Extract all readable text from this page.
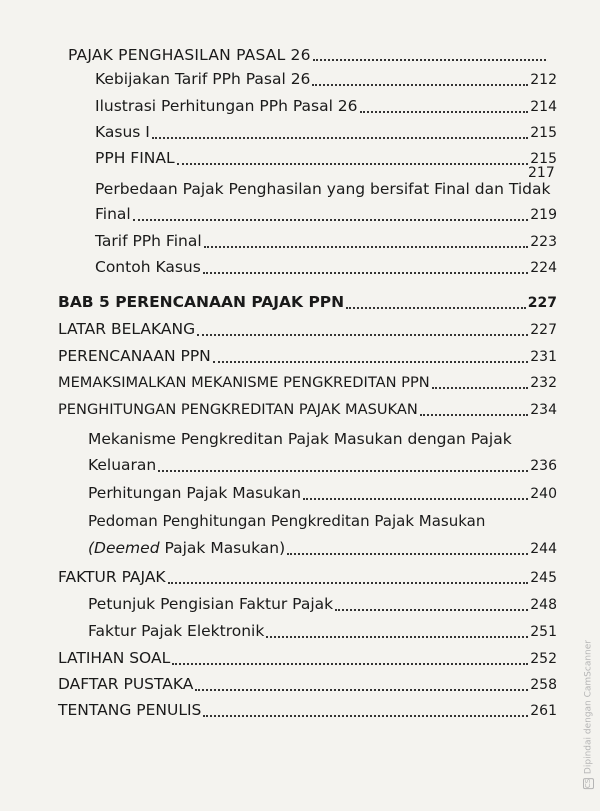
PAJAK PENGHASILAN PASAL 26
Kebijakan Tarif PPh Pasal 26	212
Ilustrasi Perhitungan PPh Pasal 26	214
Kasus I	215
PPH FINAL	215
217
Perbedaan Pajak Penghasilan yang bersifat Final dan Tidak
Final	219
Tarif PPh Final	223
Contoh Kasus	224
BAB 5 PERENCANAAN PAJAK PPN	227
LATAR BELAKANG	227
PERENCANAAN PPN	231
MEMAKSIMALKAN MEKANISME PENGKREDITAN PPN	232
PENGHITUNGAN PENGKREDITAN PAJAK MASUKAN	234
Mekanisme Pengkreditan Pajak Masukan dengan Pajak
Keluaran	236
Perhitungan Pajak Masukan	240
Pedoman Penghitungan Pengkreditan Pajak Masukan
(Deemed Pajak Masukan)	244
FAKTUR PAJAK	245
Petunjuk Pengisian Faktur Pajak	248
Faktur Pajak Elektronik	251
LATIHAN SOAL	252
DAFTAR PUSTAKA	258
TENTANG PENULIS	261
CS
Dipindai dengan CamScanner
